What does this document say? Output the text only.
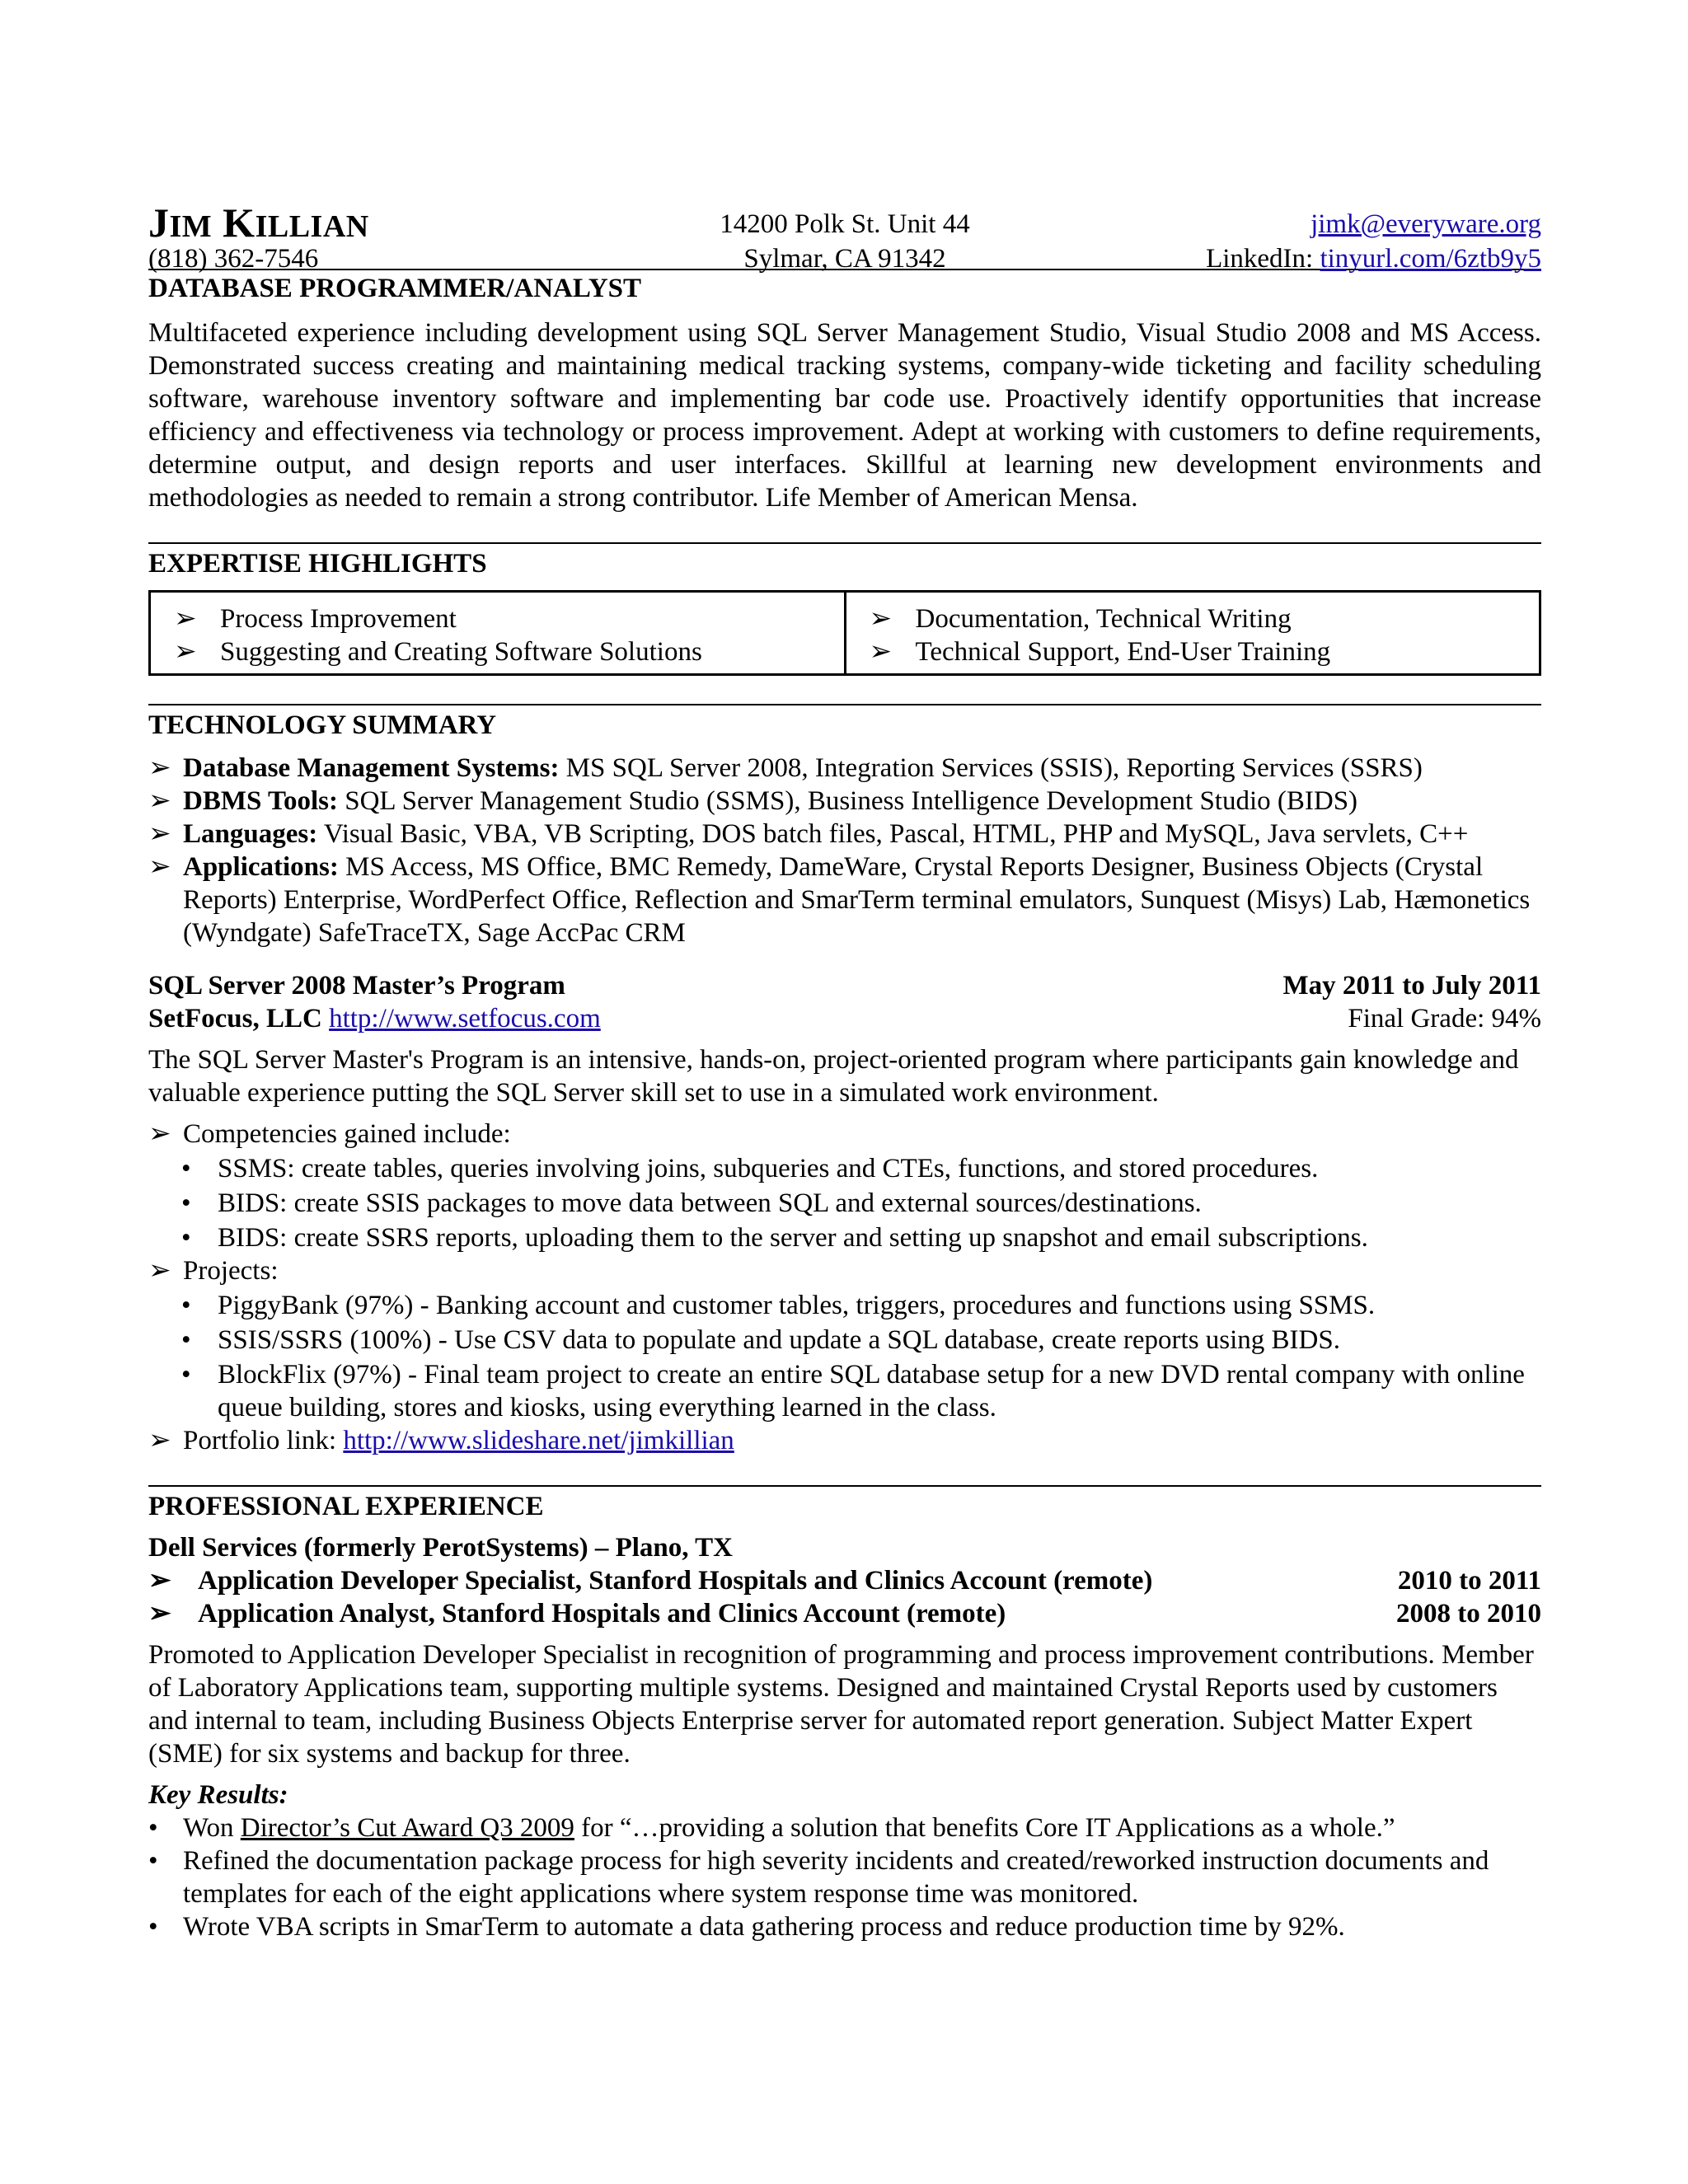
JIM KILLIAN
(818) 362-7546
14200 Polk St. Unit 44
Sylmar, CA 91342
jimk@everyware.org
LinkedIn: tinyurl.com/6ztb9y5
DATABASE PROGRAMMER/ANALYST
Multifaceted experience including development using SQL Server Management Studio, Visual Studio 2008 and MS Access. Demonstrated success creating and maintaining medical tracking systems, company-wide ticketing and facility scheduling software, warehouse inventory software and implementing bar code use. Proactively identify opportunities that increase efficiency and effectiveness via technology or process improvement. Adept at working with customers to define requirements, determine output, and design reports and user interfaces. Skillful at learning new development environments and methodologies as needed to remain a strong contributor. Life Member of American Mensa.
EXPERTISE HIGHLIGHTS
➢ Process Improvement
➢ Suggesting and Creating Software Solutions
➢ Documentation, Technical Writing
➢ Technical Support, End-User Training
TECHNOLOGY SUMMARY
➢ Database Management Systems: MS SQL Server 2008, Integration Services (SSIS), Reporting Services (SSRS)
➢ DBMS Tools: SQL Server Management Studio (SSMS), Business Intelligence Development Studio (BIDS)
➢ Languages: Visual Basic, VBA, VB Scripting, DOS batch files, Pascal, HTML, PHP and MySQL, Java servlets, C++
➢ Applications: MS Access, MS Office, BMC Remedy, DameWare, Crystal Reports Designer, Business Objects (Crystal Reports) Enterprise, WordPerfect Office, Reflection and SmarTerm terminal emulators, Sunquest (Misys) Lab, Hæmonetics (Wyndgate) SafeTraceTX, Sage AccPac CRM
SQL Server 2008 Master’s Program	May 2011 to July 2011
SetFocus, LLC http://www.setfocus.com	Final Grade: 94%
The SQL Server Master's Program is an intensive, hands-on, project-oriented program where participants gain knowledge and valuable experience putting the SQL Server skill set to use in a simulated work environment.
➢ Competencies gained include:
• SSMS: create tables, queries involving joins, subqueries and CTEs, functions, and stored procedures.
• BIDS: create SSIS packages to move data between SQL and external sources/destinations.
• BIDS: create SSRS reports, uploading them to the server and setting up snapshot and email subscriptions.
➢ Projects:
• PiggyBank (97%) - Banking account and customer tables, triggers, procedures and functions using SSMS.
• SSIS/SSRS (100%) - Use CSV data to populate and update a SQL database, create reports using BIDS.
• BlockFlix (97%) - Final team project to create an entire SQL database setup for a new DVD rental company with online queue building, stores and kiosks, using everything learned in the class.
➢ Portfolio link: http://www.slideshare.net/jimkillian
PROFESSIONAL EXPERIENCE
Dell Services (formerly PerotSystems) – Plano, TX
➢ Application Developer Specialist, Stanford Hospitals and Clinics Account (remote)	2010 to 2011
➢ Application Analyst, Stanford Hospitals and Clinics Account (remote)	2008 to 2010
Promoted to Application Developer Specialist in recognition of programming and process improvement contributions. Member of Laboratory Applications team, supporting multiple systems. Designed and maintained Crystal Reports used by customers and internal to team, including Business Objects Enterprise server for automated report generation. Subject Matter Expert (SME) for six systems and backup for three.
Key Results:
• Won Director’s Cut Award Q3 2009 for “…providing a solution that benefits Core IT Applications as a whole.”
• Refined the documentation package process for high severity incidents and created/reworked instruction documents and templates for each of the eight applications where system response time was monitored.
• Wrote VBA scripts in SmarTerm to automate a data gathering process and reduce production time by 92%.
